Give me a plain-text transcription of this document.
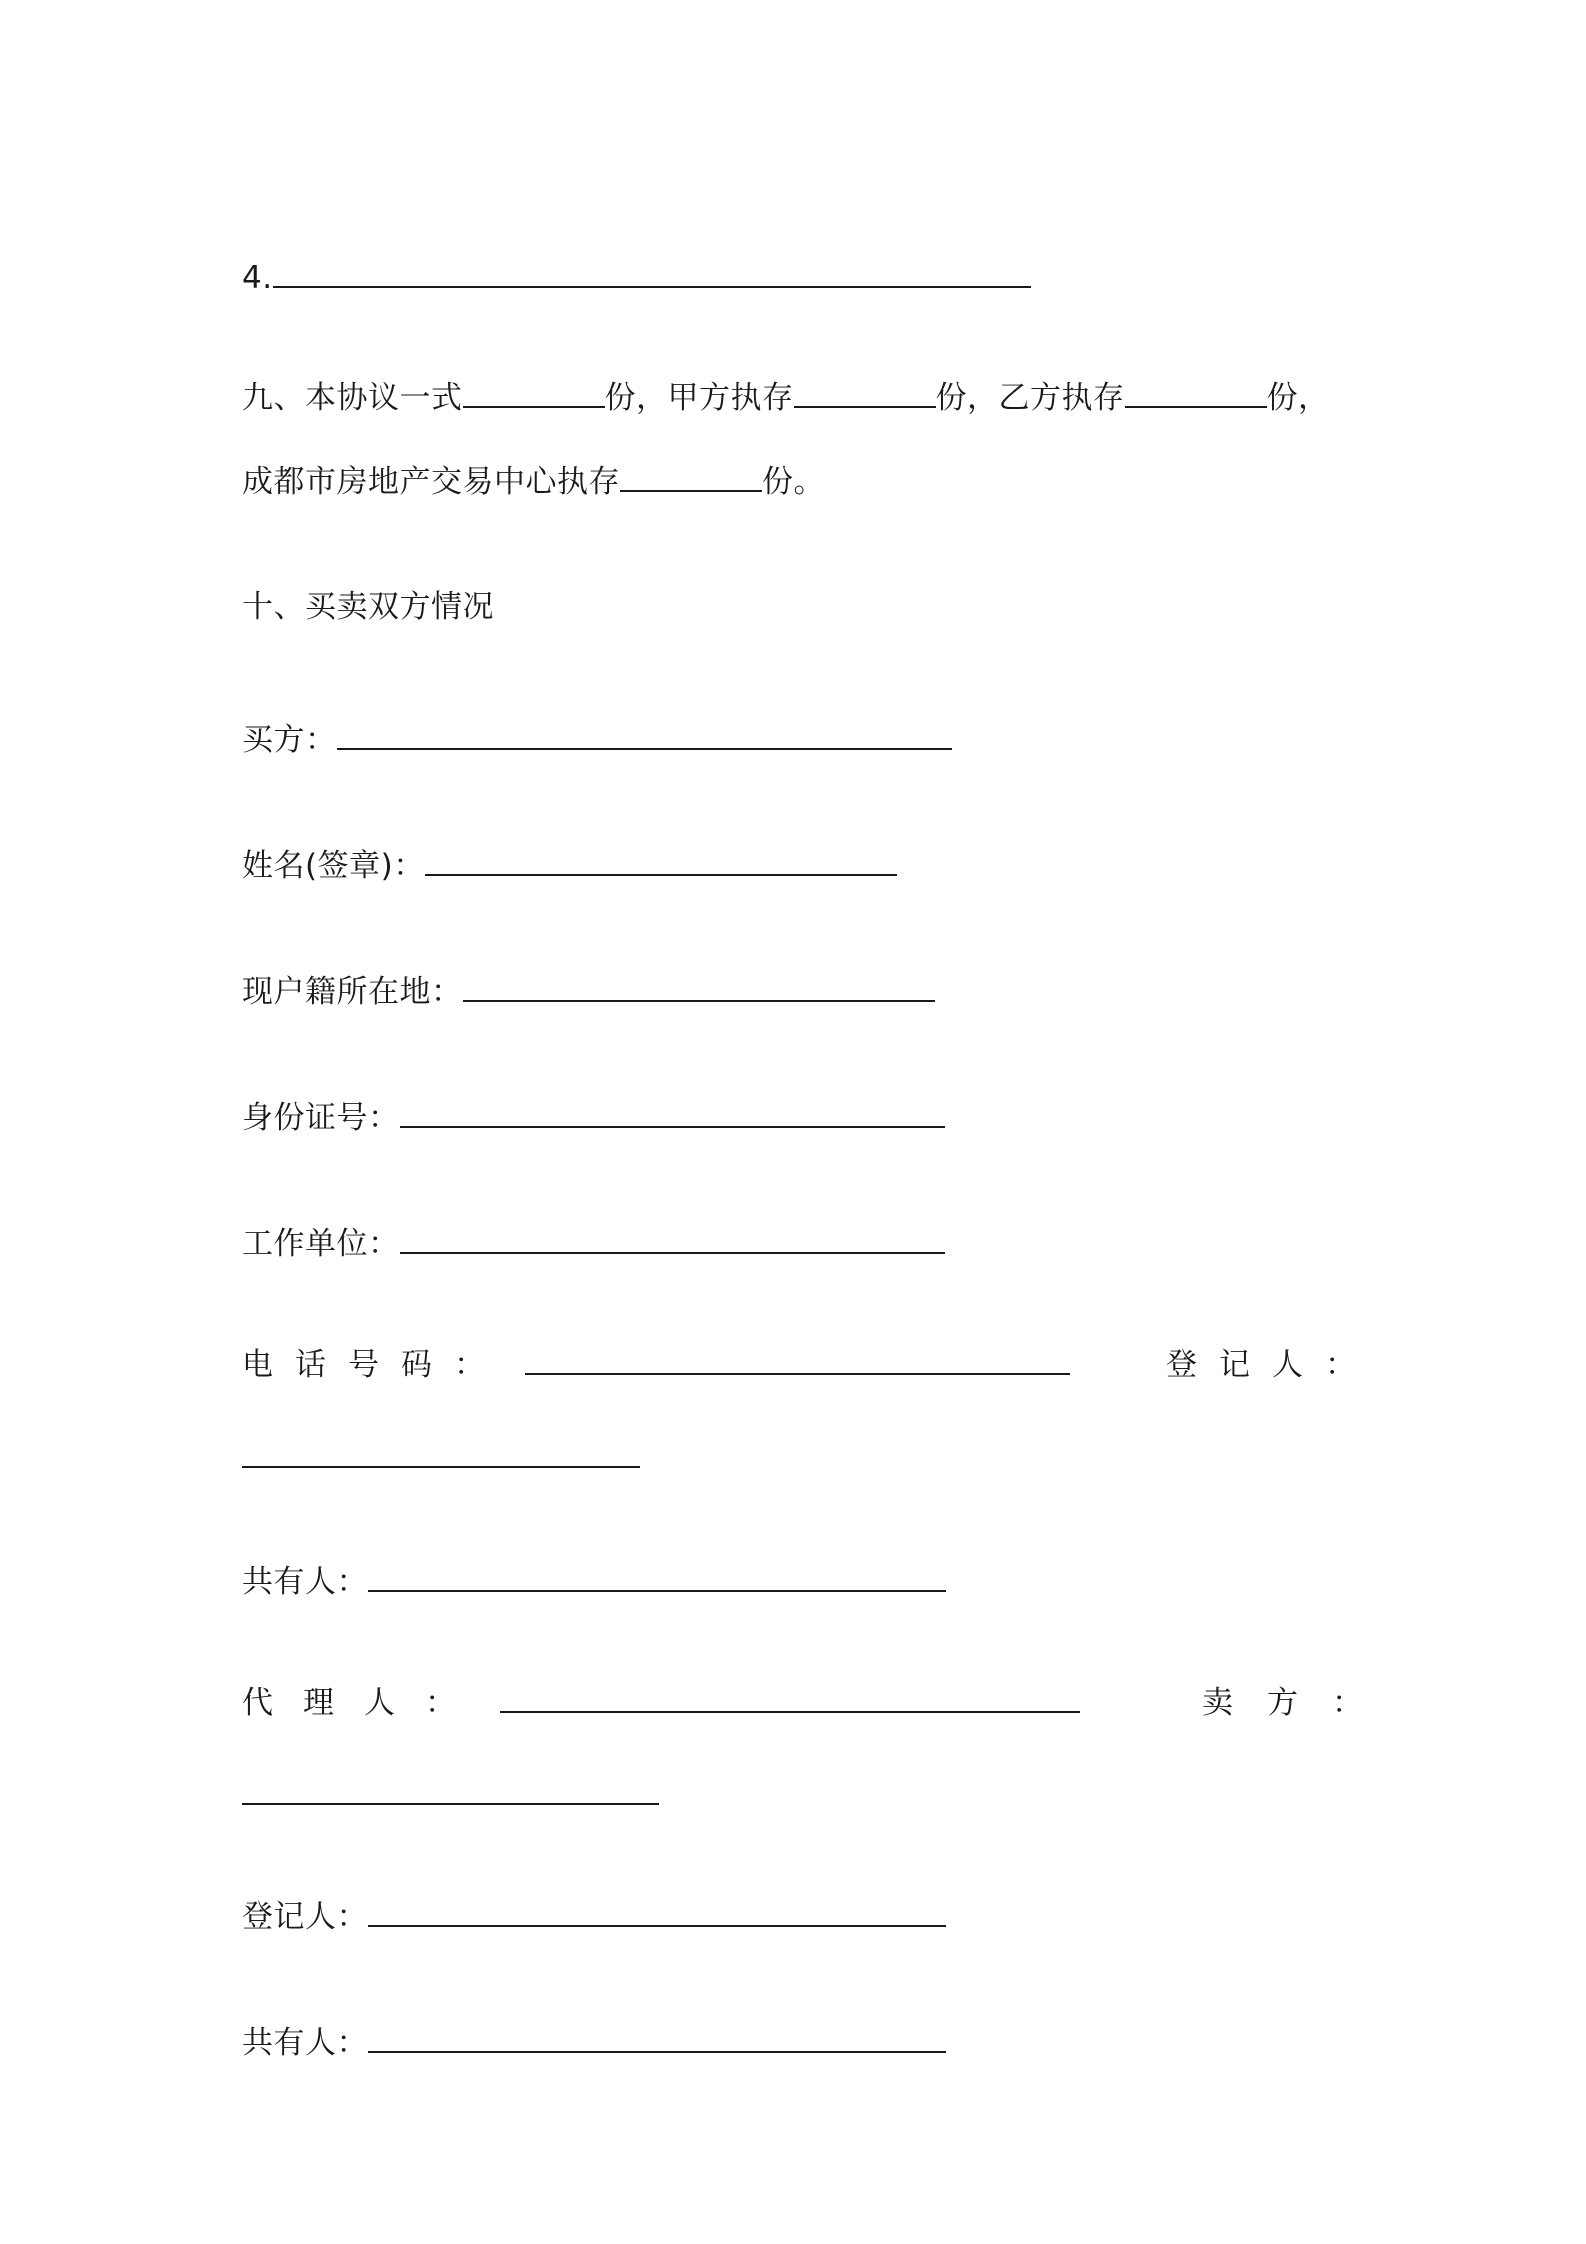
4.
九、本协议一式	份，甲方执存	份，乙方执存	份，
成都市房地产交易中心执存	份。
十、买卖双方情况
买方：
姓名(签章)：
现户籍所在地：
身份证号：
工作单位：
电话号码：	登记人：
共有人：
代理人：	卖方：
登记人：
共有人：
